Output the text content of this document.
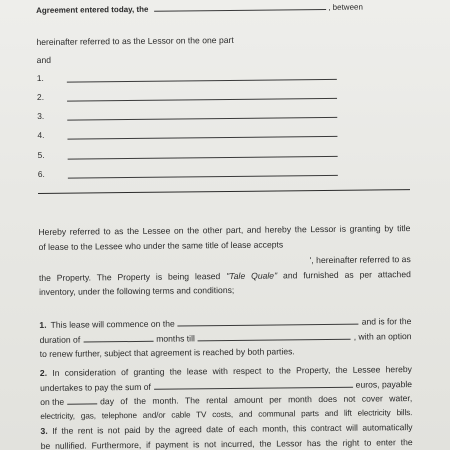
Agreement entered today, the	, between
hereinafter referred to as the Lessor on the one part
and
1.
2.
3.
4.
5.
6.
Hereby referred to as the Lessee on the other part, and hereby the Lessor is granting by title
of lease to the Lessee who under the same title of lease accepts
', hereinafter referred to as
the Property. The Property is being leased "Tale Quale" and furnished as per attached
inventory, under the following terms and conditions;
1. This lease will commence on the	and is for the
duration of	months till	, with an option
to renew further, subject that agreement is reached by both parties.
2. In consideration of granting the lease with respect to the Property, the Lessee hereby
undertakes to pay the sum of	euros, payable
on the	day of the month. The rental amount per month does not cover water,
electricity, gas, telephone and/or cable TV costs, and communal parts and lift electricity bills.
3. If the rent is not paid by the agreed date of each month, this contract will automatically
be nullified. Furthermore, if payment is not incurred, the Lessor has the right to enter the
